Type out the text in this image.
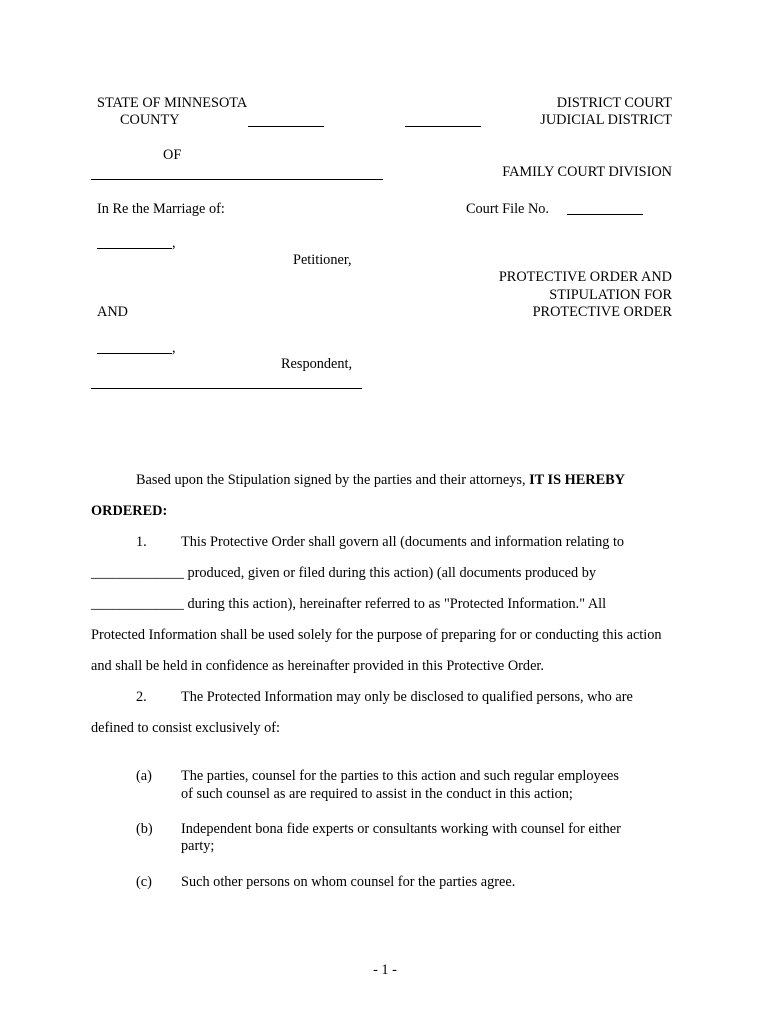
STATE OF MINNESOTA
COUNTY
OF
In Re the Marriage of:
,
Petitioner,
AND
,
Respondent,
DISTRICT COURT
JUDICIAL DISTRICT
FAMILY COURT DIVISION
Court File No.
PROTECTIVE ORDER AND
STIPULATION FOR
PROTECTIVE ORDER
Based upon the Stipulation signed by the parties and their attorneys, IT IS HEREBY
ORDERED:
1. This Protective Order shall govern all (documents and information relating to
_____________ produced, given or filed during this action) (all documents produced by
_____________ during this action), hereinafter referred to as "Protected Information." All
Protected Information shall be used solely for the purpose of preparing for or conducting this action
and shall be held in confidence as hereinafter provided in this Protective Order.
2. The Protected Information may only be disclosed to qualified persons, who are
defined to consist exclusively of:
(a) The parties, counsel for the parties to this action and such regular employees
of such counsel as are required to assist in the conduct in this action;
(b) Independent bona fide experts or consultants working with counsel for either
party;
(c) Such other persons on whom counsel for the parties agree.
- 1 -
